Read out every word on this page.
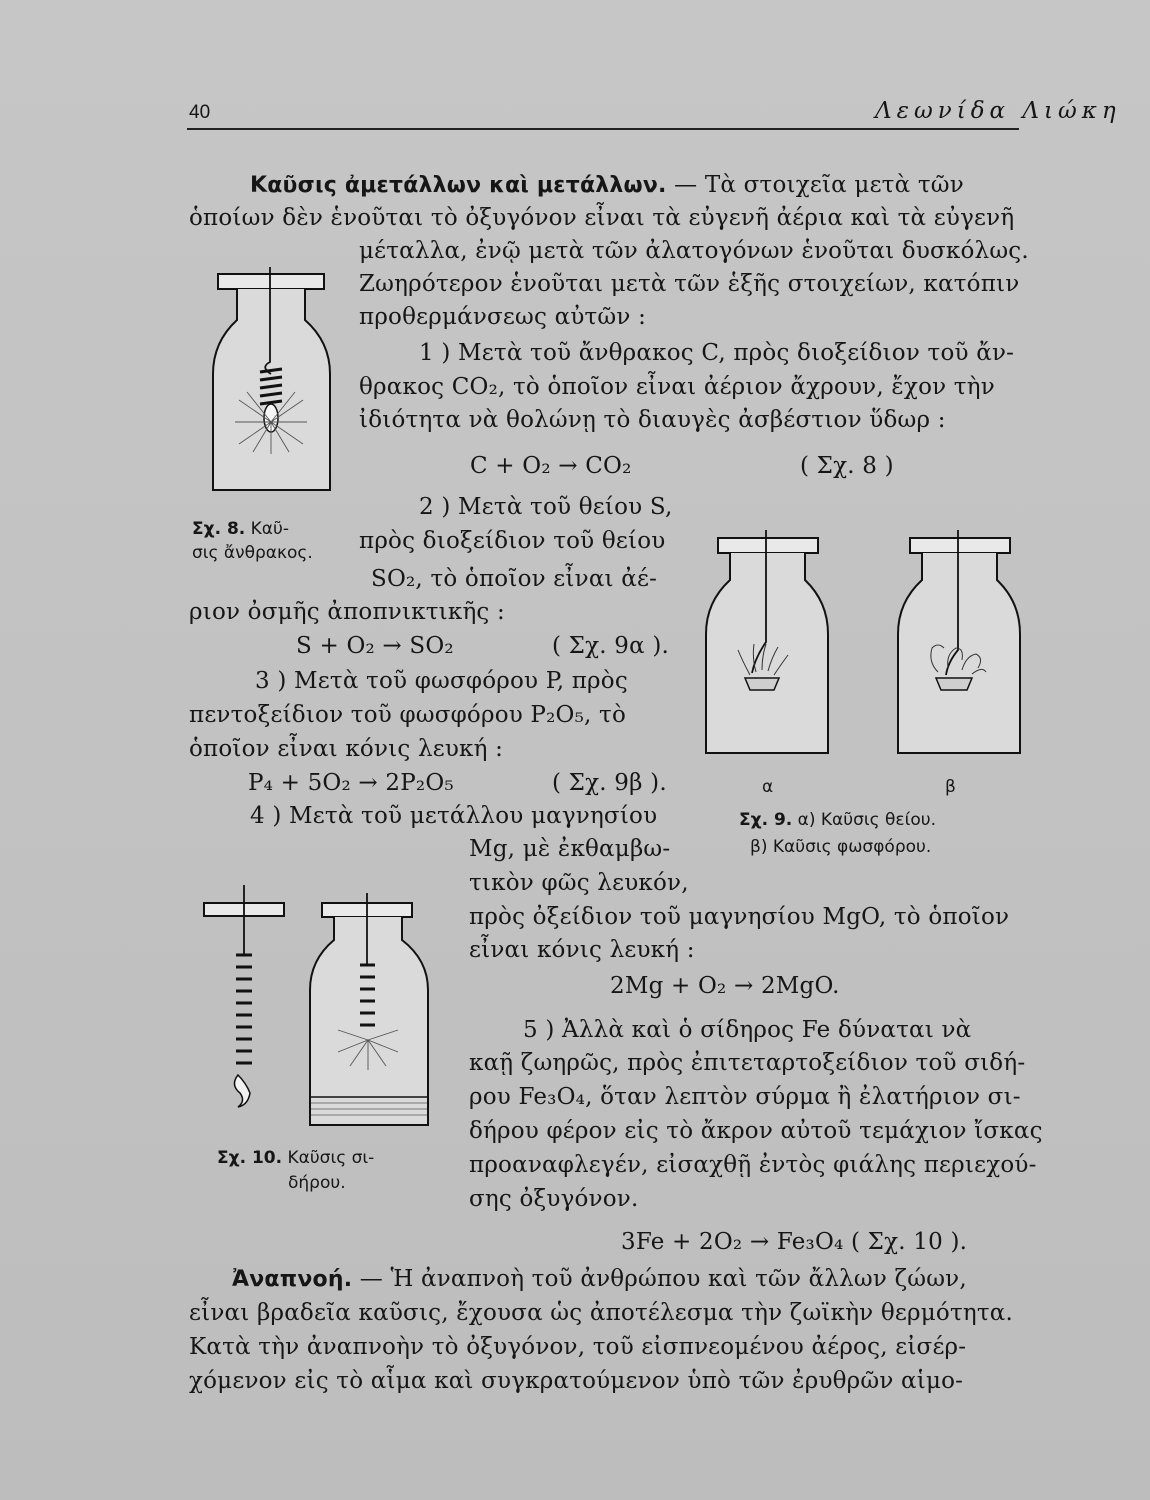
40	Λεωνίδα Λιώκη
Καῦσις ἀμετάλλων καὶ μετάλλων. — Τὰ στοιχεῖα μετὰ τῶν
ὁποίων δὲν ἑνοῦται τὸ ὀξυγόνον εἶναι τὰ εὐγενῆ ἀέρια καὶ τὰ εὐγενῆ
μέταλλα, ἐνῷ μετὰ τῶν ἀλατογόνων ἑνοῦται δυσκόλως.
Ζωηρότερον ἑνοῦται μετὰ τῶν ἑξῆς στοιχείων, κατόπιν
προθερμάνσεως αὐτῶν :
1 ) Μετὰ τοῦ ἄνθρακος C, πρὸς διοξείδιον τοῦ ἄν-
θρακος CO₂, τὸ ὁποῖον εἶναι ἀέριον ἄχρουν, ἔχον τὴν
ἰδιότητα νὰ θολώνῃ τὸ διαυγὲς ἀσβέστιον ὕδωρ :
C + O₂ → CO₂	( Σχ. 8 )
2 ) Μετὰ τοῦ θείου S,
πρὸς διοξείδιον τοῦ θείου
SO₂, τὸ ὁποῖον εἶναι ἀέ-
ριον ὀσμῆς ἀποπνικτικῆς :
S + O₂ → SO₂	( Σχ. 9α ).
3 ) Μετὰ τοῦ φωσφόρου P, πρὸς
πεντοξείδιον τοῦ φωσφόρου P₂O₅, τὸ
ὁποῖον εἶναι κόνις λευκή :
P₄ + 5O₂ → 2P₂O₅	( Σχ. 9β ).
4 ) Μετὰ τοῦ μετάλλου μαγνησίου
Mg, μὲ ἐκθαμβω-
τικὸν φῶς λευκόν,
πρὸς ὀξείδιον τοῦ μαγνησίου MgO, τὸ ὁποῖον
εἶναι κόνις λευκή :
2Mg + O₂ → 2MgO.
5 ) Ἀλλὰ καὶ ὁ σίδηρος Fe δύναται νὰ
καῇ ζωηρῶς, πρὸς ἐπιτεταρτοξείδιον τοῦ σιδή-
ρου Fe₃O₄, ὅταν λεπτὸν σύρμα ἢ ἐλατήριον σι-
δήρου φέρον εἰς τὸ ἄκρον αὐτοῦ τεμάχιον ἴσκας
προαναφλεγέν, εἰσαχθῇ ἐντὸς φιάλης περιεχού-
σης ὀξυγόνον.
3Fe + 2O₂ → Fe₃O₄ ( Σχ. 10 ).
Ἀναπνοή. — Ἡ ἀναπνοὴ τοῦ ἀνθρώπου καὶ τῶν ἄλλων ζώων,
εἶναι βραδεῖα καῦσις, ἔχουσα ὡς ἀποτέλεσμα τὴν ζωϊκὴν θερμότητα.
Κατὰ τὴν ἀναπνοὴν τὸ ὀξυγόνον, τοῦ εἰσπνεομένου ἀέρος, εἰσέρ-
χόμενον εἰς τὸ αἷμα καὶ συγκρατούμενον ὑπὸ τῶν ἐρυθρῶν αἱμο-
Σχ. 8. Καῦ-
σις ἄνθρακος.
α	β
Σχ. 9. α) Καῦσις θείου.
β) Καῦσις φωσφόρου.
Σχ. 10. Καῦσις σι-
δήρου.
